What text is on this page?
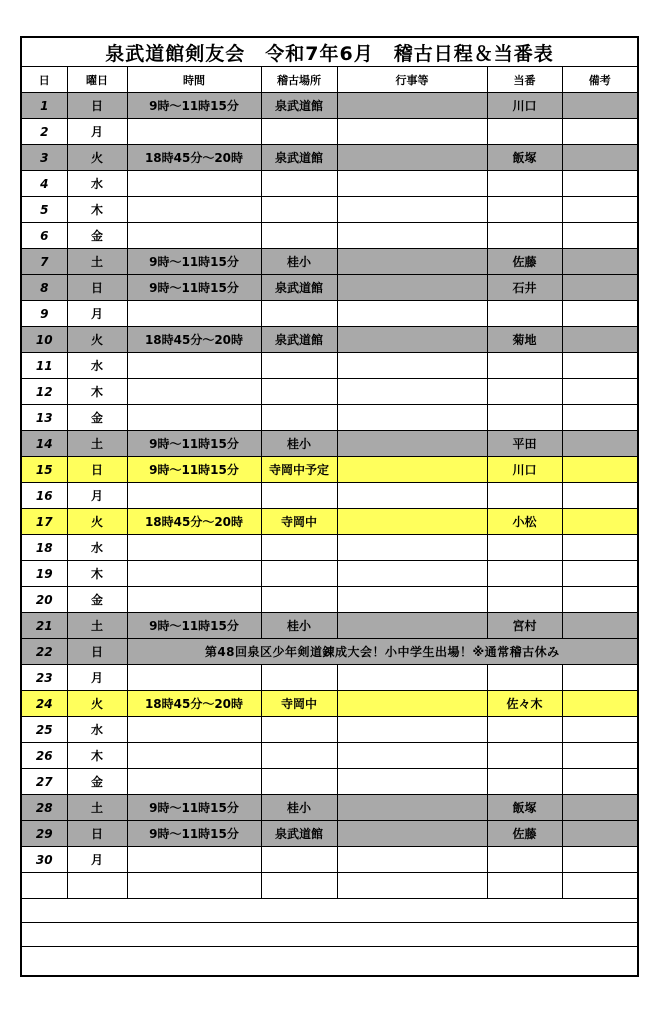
泉武道館剣友会　令和7年6月　稽古日程＆当番表						
日	曜日	時間	稽古場所	行事等	当番	備考
1	日	9時～11時15分	泉武道館		川口	
2	月					
3	火	18時45分～20時	泉武道館		飯塚	
4	水					
5	木					
6	金					
7	土	9時～11時15分	桂小		佐藤	
8	日	9時～11時15分	泉武道館		石井	
9	月					
10	火	18時45分～20時	泉武道館		菊地	
11	水					
12	木					
13	金					
14	土	9時～11時15分	桂小		平田	
15	日	9時～11時15分	寺岡中予定		川口	
16	月					
17	火	18時45分～20時	寺岡中		小松	
18	水					
19	木					
20	金					
21	土	9時～11時15分	桂小		宮村	
22	日	第48回泉区少年剣道錬成大会！小中学生出場！※通常稽古休み				
23	月					
24	火	18時45分～20時	寺岡中		佐々木	
25	水					
26	木					
27	金					
28	土	9時～11時15分	桂小		飯塚	
29	日	9時～11時15分	泉武道館		佐藤	
30	月					
